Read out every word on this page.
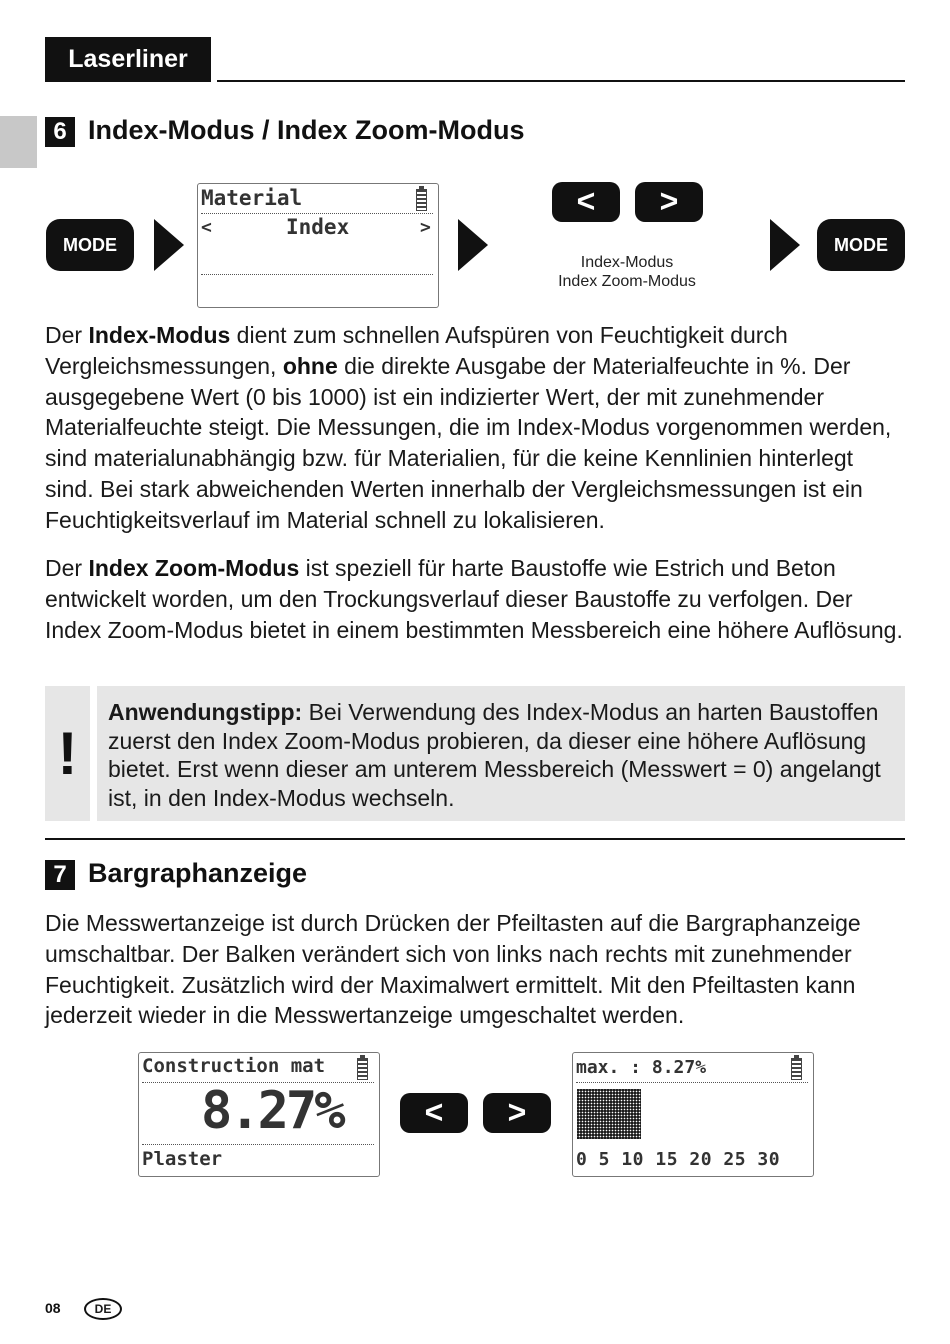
Laserliner
6 Index-Modus / Index Zoom-Modus
MODE
Material
<	Index	>
<	>
Index-Modus
Index Zoom-Modus
MODE
Der Index-Modus dient zum schnellen Aufspüren von Feuchtigkeit durch Vergleichsmessungen, ohne die direkte Ausgabe der Materialfeuchte in %. Der ausgegebene Wert (0 bis 1000) ist ein indizierter Wert, der mit zunehmender Materialfeuchte steigt. Die Messungen, die im Index-Modus vorgenommen werden, sind materialunabhängig bzw. für Materialien, für die keine Kennlinien hinterlegt sind. Bei stark abweichenden Werten innerhalb der Vergleichsmessungen ist ein Feuchtigkeitsverlauf im Material schnell zu lokalisieren.
Der Index Zoom-Modus ist speziell für harte Baustoffe wie Estrich und Beton entwickelt worden, um den Trockungsverlauf dieser Baustoffe zu verfolgen. Der Index Zoom-Modus bietet in einem bestimmten Messbereich eine höhere Auflösung.
!
Anwendungstipp: Bei Verwendung des Index-Modus an harten Baustoffen zuerst den Index Zoom-Modus probieren, da dieser eine höhere Auflösung bietet. Erst wenn dieser am unterem Messbereich (Messwert = 0) angelangt ist, in den Index-Modus wechseln.
7 Bargraphanzeige
Die Messwertanzeige ist durch Drücken der Pfeiltasten auf die Bargraphanzeige umschaltbar. Der Balken verändert sich von links nach rechts mit zunehmender Feuchtigkeit. Zusätzlich wird der Maximalwert ermittelt. Mit den Pfeiltasten kann jederzeit wieder in die Messwertanzeige umgeschaltet werden.
Construction mat
8.27%
Plaster
<	>
max. : 8.27%
0 5 10 15 20 25 30
08	DE
